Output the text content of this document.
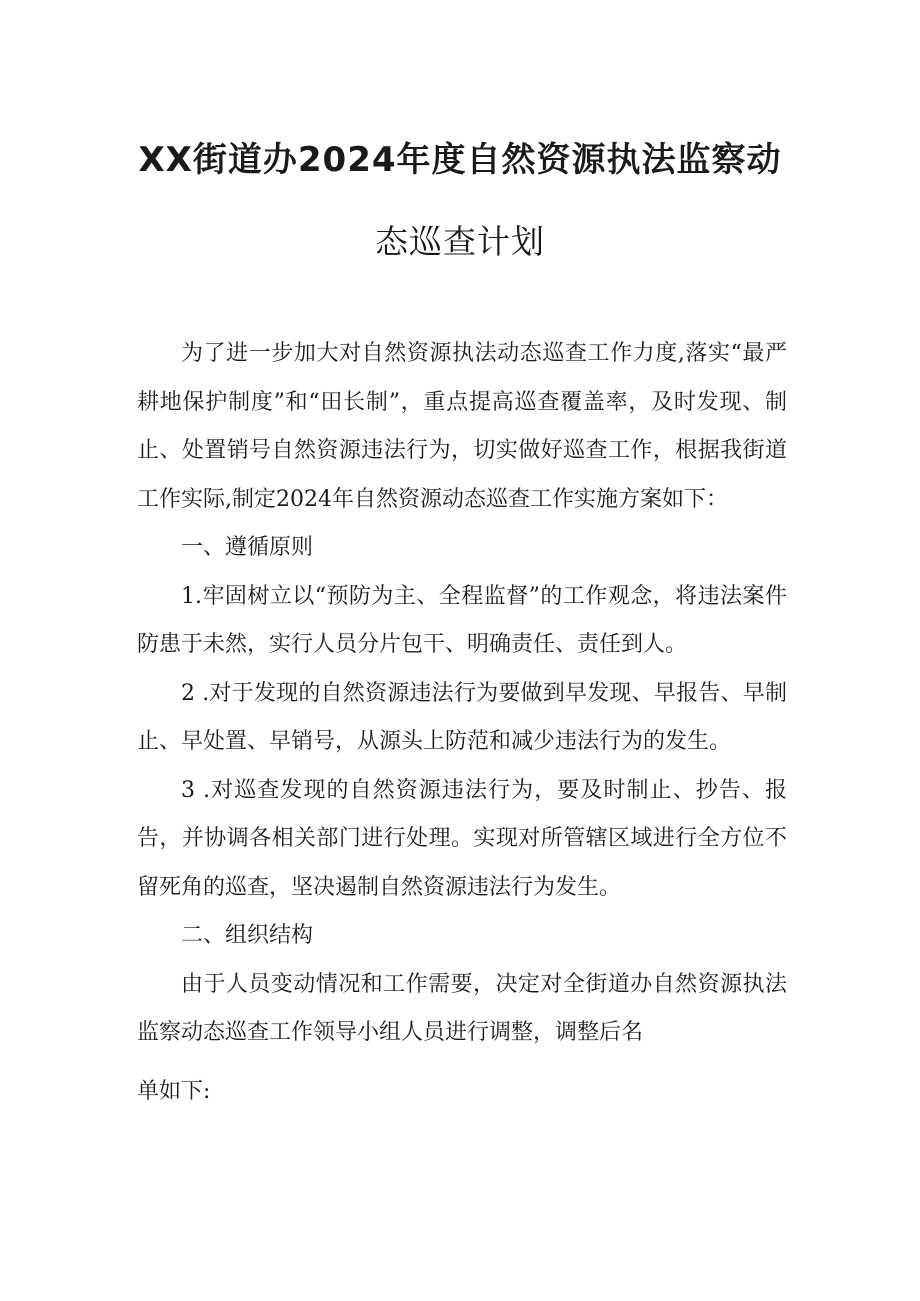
XX街道办2024年度自然资源执法监察动
态巡查计划

为了进一步加大对自然资源执法动态巡查工作力度,落实“最严耕地保护制度”和“田长制”，重点提高巡查覆盖率，及时发现、制止、处置销号自然资源违法行为，切实做好巡查工作，根据我街道工作实际,制定2024年自然资源动态巡查工作实施方案如下：

一、遵循原则

1.牢固树立以“预防为主、全程监督”的工作观念，将违法案件防患于未然，实行人员分片包干、明确责任、责任到人。

2 .对于发现的自然资源违法行为要做到早发现、早报告、早制止、早处置、早销号，从源头上防范和减少违法行为的发生。

3 .对巡查发现的自然资源违法行为，要及时制止、抄告、报告，并协调各相关部门进行处理。实现对所管辖区域进行全方位不留死角的巡查，坚决遏制自然资源违法行为发生。

二、组织结构

由于人员变动情况和工作需要，决定对全街道办自然资源执法监察动态巡查工作领导小组人员进行调整，调整后名

单如下:
